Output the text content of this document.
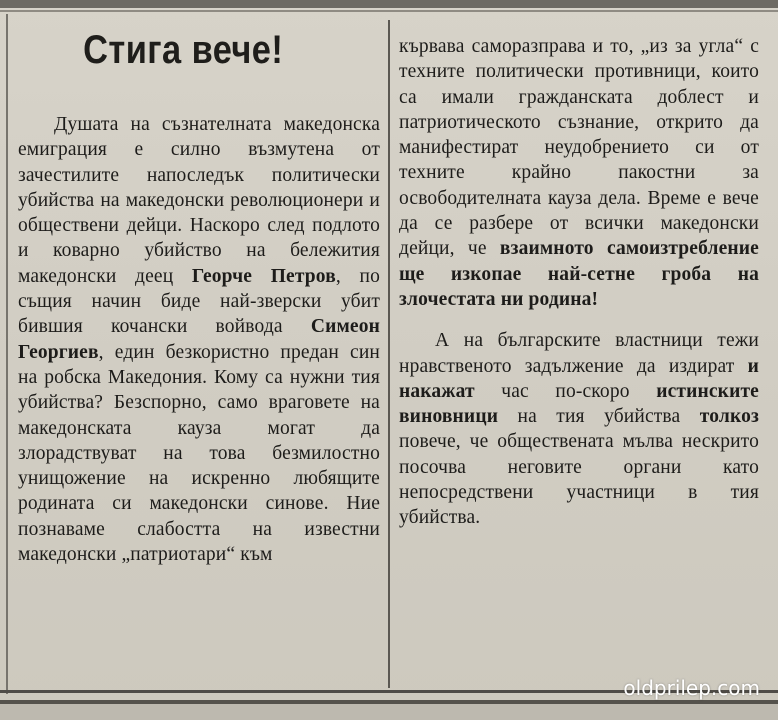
Стига вече!

Душата на съзнателната македонска емиграция е силно възмутена от зачестилите напоследък политически убийства на македонски революционери и обществени дейци. Наскоро след подлото и коварно убийство на бележития македонски деец Георче Петров, по същия начин биде най-зверски убит бившия кочански войвода Симеон Георгиев, един безкористно предан син на робска Македония. Кому са нужни тия убийства? Безспорно, само враговете на македонската кауза могат да злорадствуват на това безмилостно унищожение на искренно любящите родината си македонски синове. Ние познаваме слабостта на известни македонски „патриотари“ към

кървава саморазправа и то, „из за угла“ с техните политически противници, които са имали гражданската доблест и патриотическото съзнание, открито да манифестират неудобрението си от техните крайно пакостни за освободителната кауза дела. Време е вече да се разбере от всички македонски дейци, че взаимното самоизтребление ще изкопае най-сетне гроба на злочестата ни родина!

А на българските властници тежи нравственото задължение да издират и накажат час по-скоро истинските виновници на тия убийства толкоз повече, че обществената мълва нескрито посочва неговите органи като непосредствени участници в тия убийства.

oldprilep.com
